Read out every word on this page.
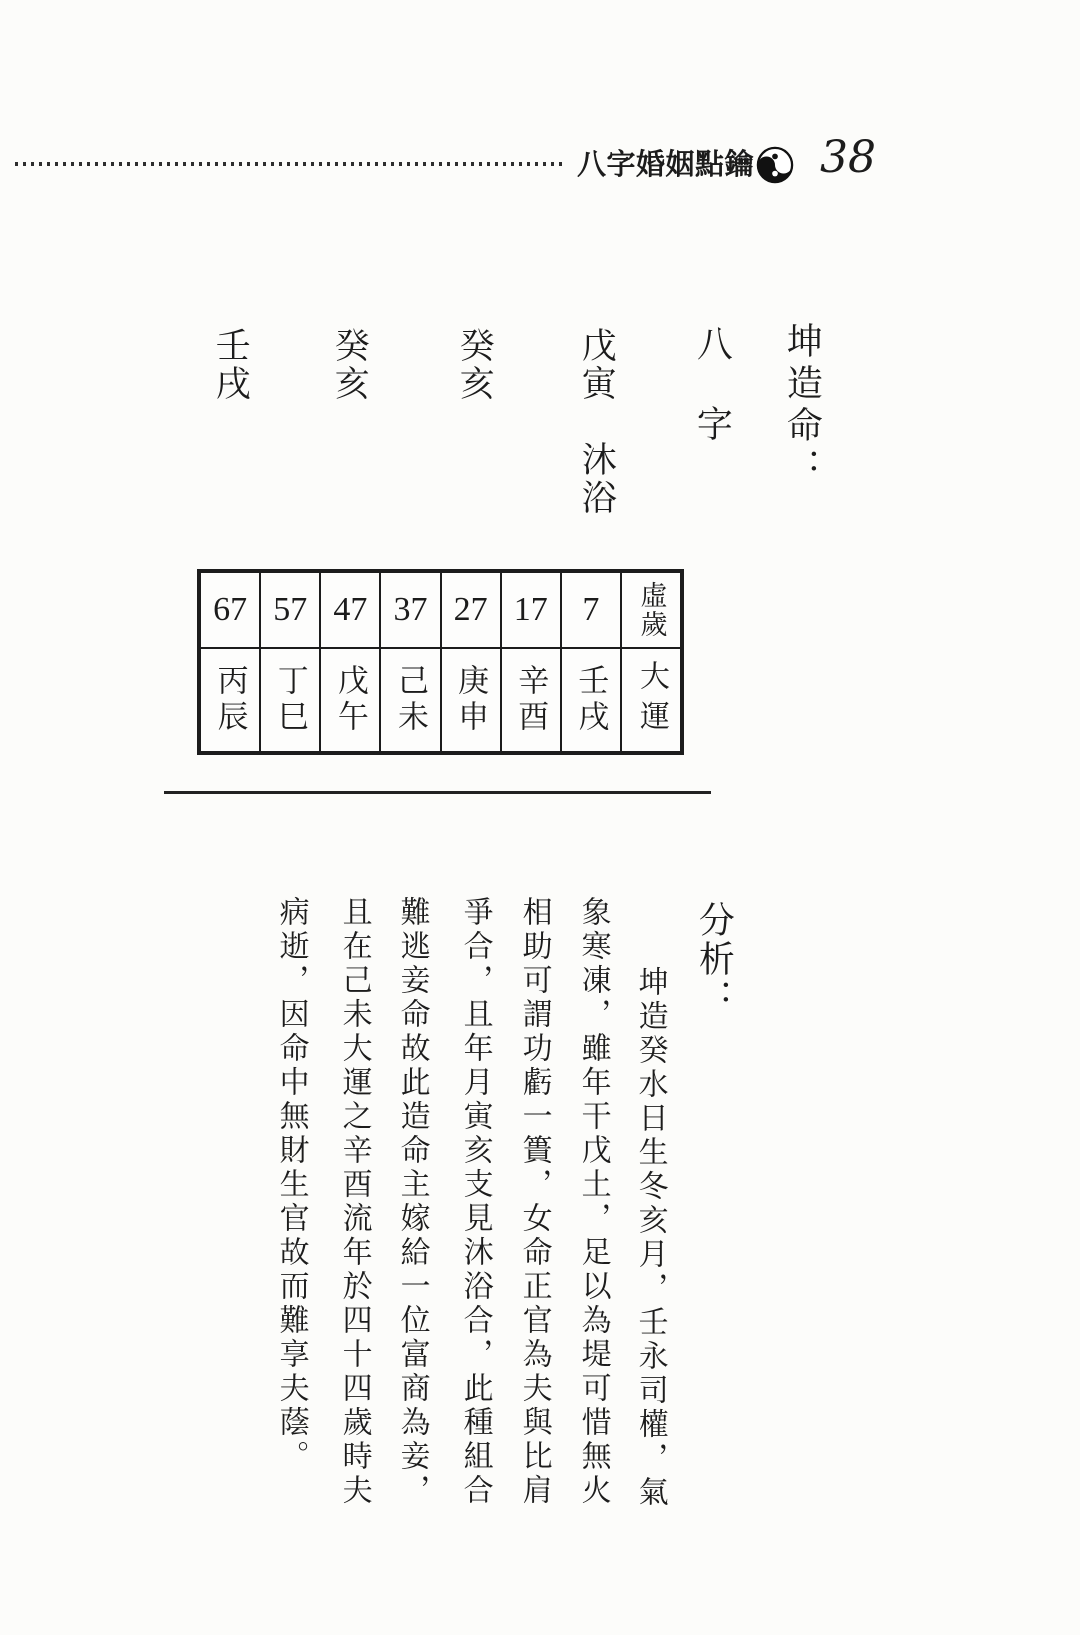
八字婚姻點鑰 38
坤造命：
八　字
戊寅　沐浴
癸亥
癸亥
壬戌
67 57 47 37 27 17	7	虛歲
丙辰 丁巳 戊午 己未 庚申 辛酉 壬戌 大運
分析：
坤造癸水日生冬亥月，壬永司權，氣
象寒凍，雖年干戊土，足以為堤可惜無火
相助可謂功虧一簣，女命正官為夫與比肩
爭合，且年月寅亥支見沐浴合，此種組合
難逃妾命故此造命主嫁給一位富商為妾，
且在己未大運之辛酉流年於四十四歲時夫
病逝，因命中無財生官故而難享夫蔭。
